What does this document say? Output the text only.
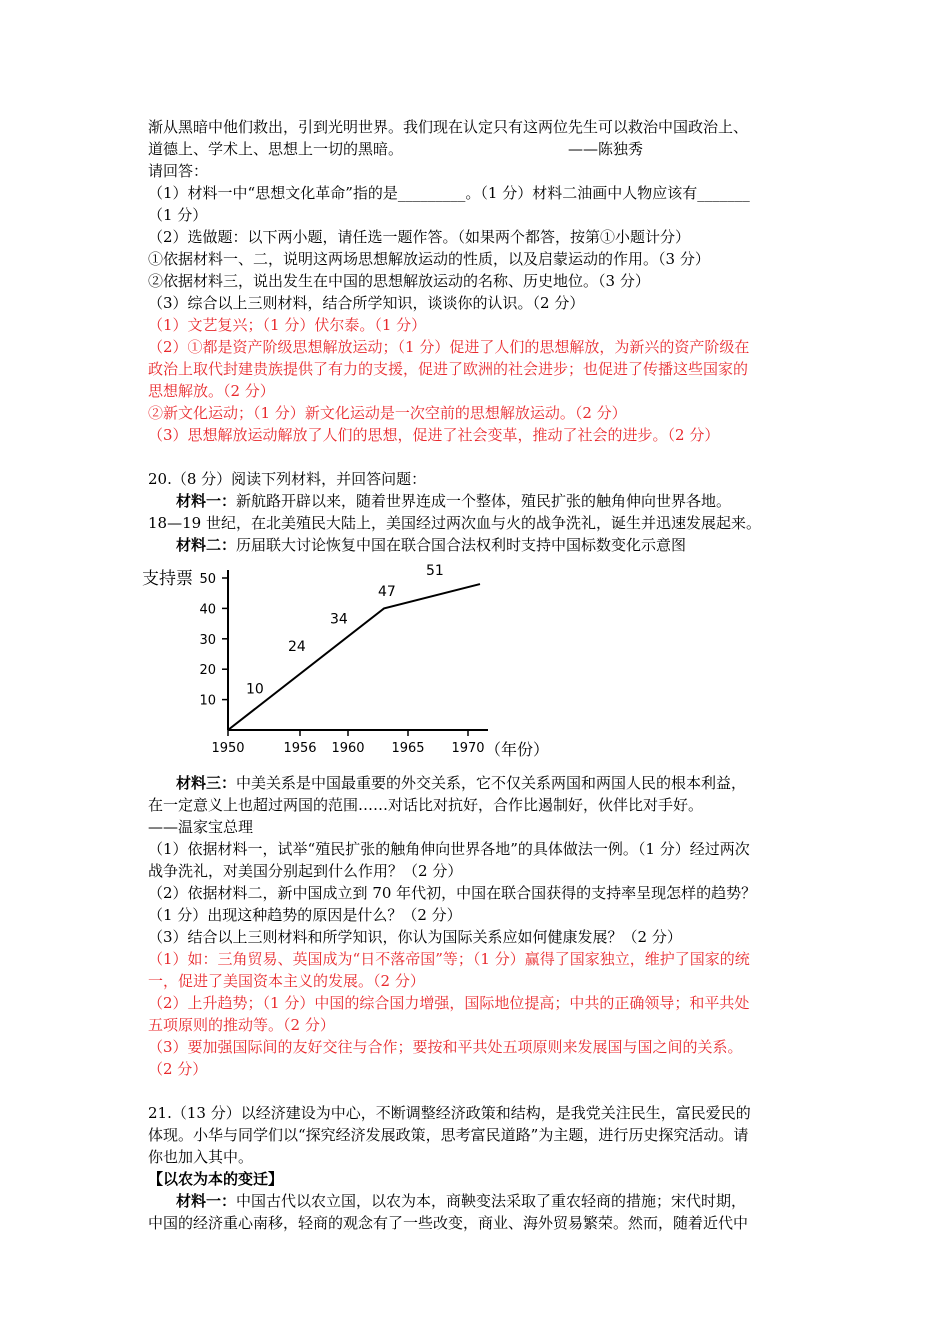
渐从黑暗中他们救出，引到光明世界。我们现在认定只有这两位先生可以救治中国政治上、
道德上、学术上、思想上一切的黑暗。	——陈独秀
请回答：
（1）材料一中“思想文化革命”指的是_________。（1 分）材料二油画中人物应该有_______
（1 分）
（2）选做题：以下两小题，请任选一题作答。（如果两个都答，按第①小题计分）
①依据材料一、二，说明这两场思想解放运动的性质，以及启蒙运动的作用。（3 分）
②依据材料三，说出发生在中国的思想解放运动的名称、历史地位。（3 分）
（3）综合以上三则材料，结合所学知识，谈谈你的认识。（2 分）
（1）文艺复兴；（1 分）伏尔泰。（1 分）
（2）①都是资产阶级思想解放运动；（1 分）促进了人们的思想解放，为新兴的资产阶级在
政治上取代封建贵族提供了有力的支援，促进了欧洲的社会进步；也促进了传播这些国家的
思想解放。（2 分）
②新文化运动；（1 分）新文化运动是一次空前的思想解放运动。（2 分）
（3）思想解放运动解放了人们的思想，促进了社会变革，推动了社会的进步。（2 分）
20.（8 分）阅读下列材料，并回答问题：
材料一：新航路开辟以来，随着世界连成一个整体，殖民扩张的触角伸向世界各地。
18—19 世纪，在北美殖民大陆上，美国经过两次血与火的战争洗礼，诞生并迅速发展起来。
材料二：历届联大讨论恢复中国在联合国合法权利时支持中国标数变化示意图
支持票
（年份）
10
20
30
40
50
1950	1956 1960 1965 1970
10
24
34
47
51
材料三：中美关系是中国最重要的外交关系，它不仅关系两国和两国人民的根本利益，
在一定意义上也超过两国的范围……对话比对抗好，合作比遏制好，伙伴比对手好。
——温家宝总理
（1）依据材料一，试举“殖民扩张的触角伸向世界各地”的具体做法一例。（1 分）经过两次
战争洗礼，对美国分别起到什么作用？（2 分）
（2）依据材料二，新中国成立到 70 年代初，中国在联合国获得的支持率呈现怎样的趋势？
（1 分）出现这种趋势的原因是什么？（2 分）
（3）结合以上三则材料和所学知识，你认为国际关系应如何健康发展？（2 分）
（1）如：三角贸易、英国成为“日不落帝国”等；（1 分）赢得了国家独立，维护了国家的统
一，促进了美国资本主义的发展。（2 分）
（2）上升趋势；（1 分）中国的综合国力增强，国际地位提高；中共的正确领导；和平共处
五项原则的推动等。（2 分）
（3）要加强国际间的友好交往与合作；要按和平共处五项原则来发展国与国之间的关系。
（2 分）
21.（13 分）以经济建设为中心，不断调整经济政策和结构，是我党关注民生，富民爱民的
体现。小华与同学们以“探究经济发展政策，思考富民道路”为主题，进行历史探究活动。请
你也加入其中。
【以农为本的变迁】
材料一：中国古代以农立国，以农为本，商鞅变法采取了重农轻商的措施；宋代时期，
中国的经济重心南移，轻商的观念有了一些改变，商业、海外贸易繁荣。然而，随着近代中
